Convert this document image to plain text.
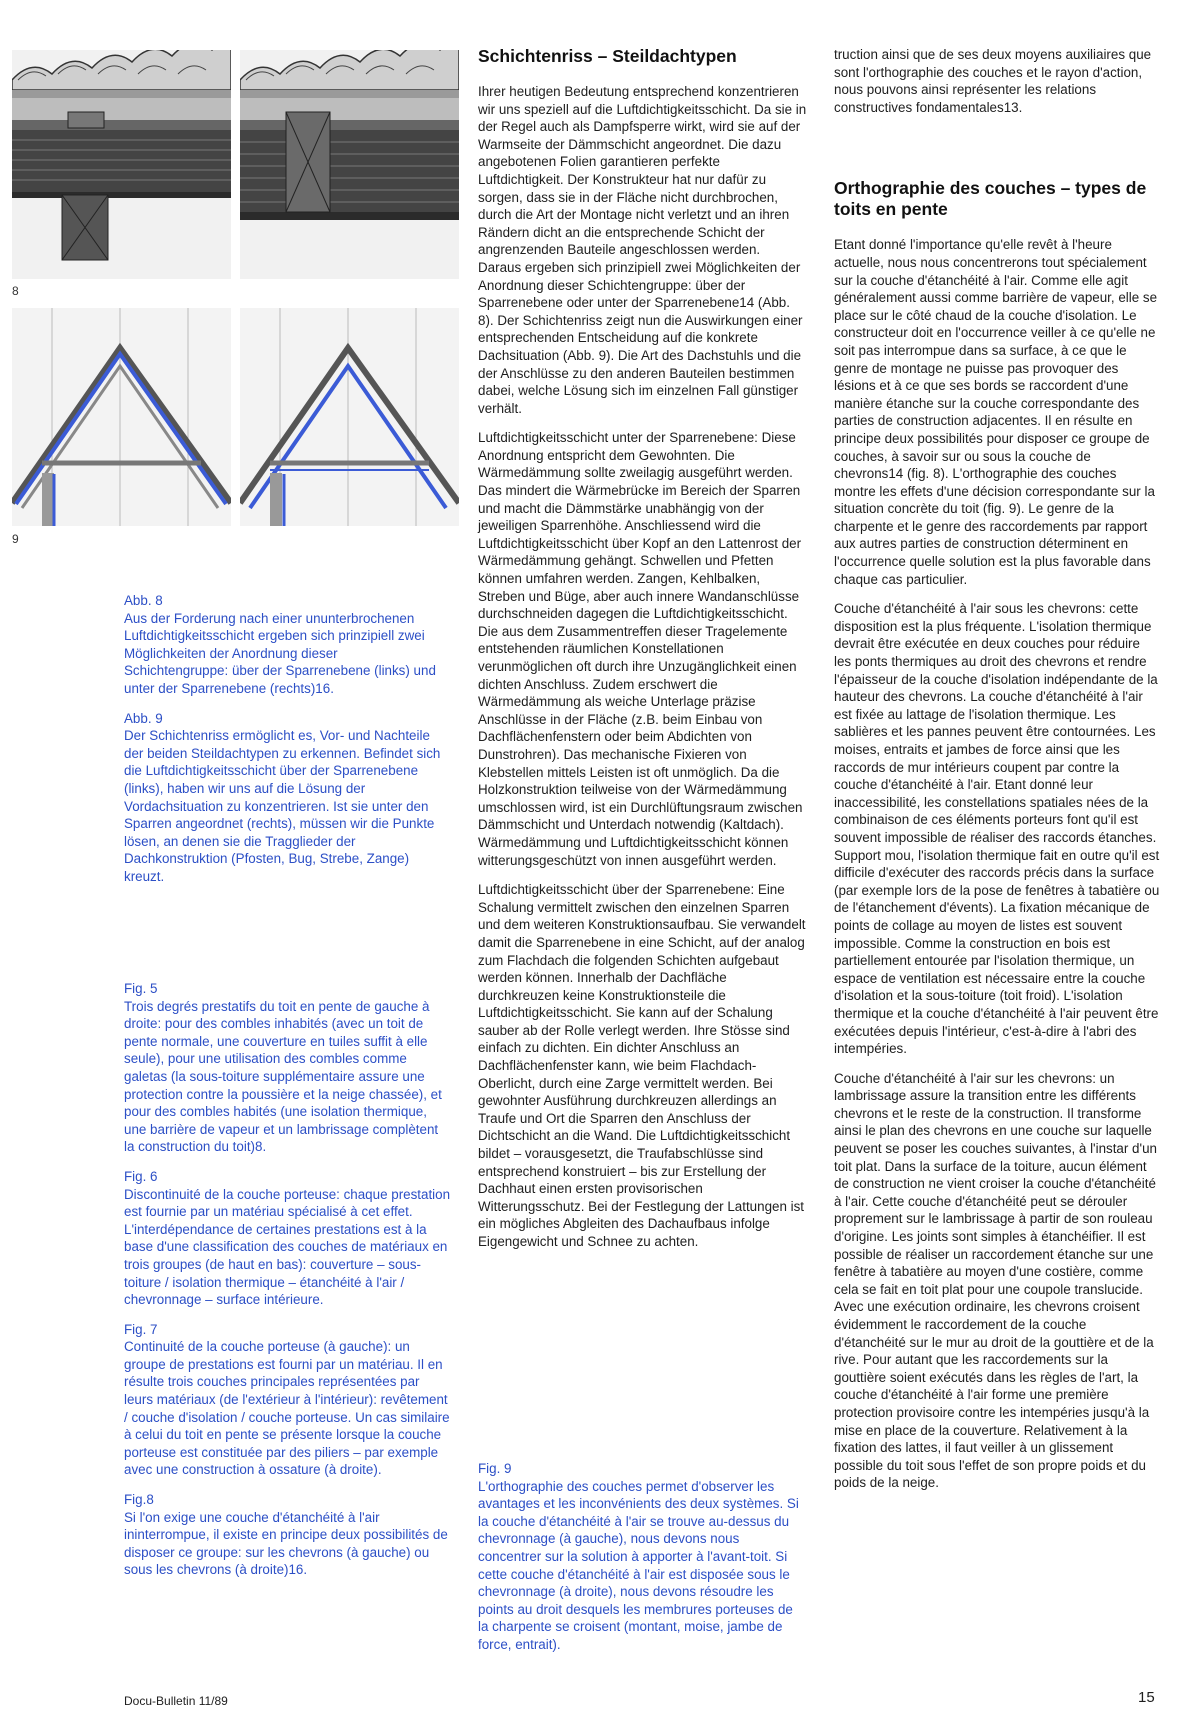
8
9

Abb. 8
Aus der Forderung nach einer ununterbrochenen Luftdichtigkeitsschicht ergeben sich prinzipiell zwei Möglichkeiten der Anordnung dieser Schichtengruppe: über der Sparrenebene (links) und unter der Sparrenebene (rechts)16.

Abb. 9
Der Schichtenriss ermöglicht es, Vor- und Nachteile der beiden Steildachtypen zu erkennen. Befindet sich die Luftdichtigkeitsschicht über der Sparrenebene (links), haben wir uns auf die Lösung der Vordachsituation zu konzentrieren. Ist sie unter den Sparren angeordnet (rechts), müssen wir die Punkte lösen, an denen sie die Tragglieder der Dachkonstruktion (Pfosten, Bug, Strebe, Zange) kreuzt.

Fig. 5
Trois degrés prestatifs du toit en pente de gauche à droite: pour des combles inhabités (avec un toit de pente normale, une couverture en tuiles suffit à elle seule), pour une utilisation des combles comme galetas (la sous-toiture supplémentaire assure une protection contre la poussière et la neige chassée), et pour des combles habités (une isolation thermique, une barrière de vapeur et un lambrissage complètent la construction du toit)8.

Fig. 6
Discontinuité de la couche porteuse: chaque prestation est fournie par un matériau spécialisé à cet effet. L'interdépendance de certaines prestations est à la base d'une classification des couches de matériaux en trois groupes (de haut en bas): couverture – sous-toiture / isolation thermique – étanchéité à l'air / chevronnage – surface intérieure.

Fig. 7
Continuité de la couche porteuse (à gauche): un groupe de prestations est fourni par un matériau. Il en résulte trois couches principales représentées par leurs matériaux (de l'extérieur à l'intérieur): revêtement / couche d'isolation / couche porteuse. Un cas similaire à celui du toit en pente se présente lorsque la couche porteuse est constituée par des piliers – par exemple avec une construction à ossature (à droite).

Fig.8
Si l'on exige une couche d'étanchéité à l'air ininterrompue, il existe en principe deux possibilités de disposer ce groupe: sur les chevrons (à gauche) ou sous les chevrons (à droite)16.

Schichtenriss – Steildachtypen

Ihrer heutigen Bedeutung entsprechend konzentrieren wir uns speziell auf die Luftdichtigkeitsschicht. Da sie in der Regel auch als Dampfsperre wirkt, wird sie auf der Warmseite der Dämmschicht angeordnet. Die dazu angebotenen Folien garantieren perfekte Luftdichtigkeit. Der Konstrukteur hat nur dafür zu sorgen, dass sie in der Fläche nicht durchbrochen, durch die Art der Montage nicht verletzt und an ihren Rändern dicht an die entsprechende Schicht der angrenzenden Bauteile angeschlossen werden. Daraus ergeben sich prinzipiell zwei Möglichkeiten der Anordnung dieser Schichtengruppe: über der Sparrenebene oder unter der Sparrenebene14 (Abb. 8). Der Schichtenriss zeigt nun die Auswirkungen einer entsprechenden Entscheidung auf die konkrete Dachsituation (Abb. 9). Die Art des Dachstuhls und die der Anschlüsse zu den anderen Bauteilen bestimmen dabei, welche Lösung sich im einzelnen Fall günstiger verhält.

Luftdichtigkeitsschicht unter der Sparrenebene: Diese Anordnung entspricht dem Gewohnten. Die Wärmedämmung sollte zweilagig ausgeführt werden. Das mindert die Wärmebrücke im Bereich der Sparren und macht die Dämmstärke unabhängig von der jeweiligen Sparrenhöhe. Anschliessend wird die Luftdichtigkeitsschicht über Kopf an den Lattenrost der Wärmedämmung gehängt. Schwellen und Pfetten können umfahren werden. Zangen, Kehlbalken, Streben und Büge, aber auch innere Wandanschlüsse durchschneiden dagegen die Luftdichtigkeitsschicht. Die aus dem Zusammentreffen dieser Tragelemente entstehenden räumlichen Konstellationen verunmöglichen oft durch ihre Unzugänglichkeit einen dichten Anschluss. Zudem erschwert die Wärmedämmung als weiche Unterlage präzise Anschlüsse in der Fläche (z.B. beim Einbau von Dachflächenfenstern oder beim Abdichten von Dunstrohren). Das mechanische Fixieren von Klebstellen mittels Leisten ist oft unmöglich. Da die Holzkonstruktion teilweise von der Wärmedämmung umschlossen wird, ist ein Durchlüftungsraum zwischen Dämmschicht und Unterdach notwendig (Kaltdach). Wärmedämmung und Luftdichtigkeitsschicht können witterungsgeschützt von innen ausgeführt werden.

Luftdichtigkeitsschicht über der Sparrenebene: Eine Schalung vermittelt zwischen den einzelnen Sparren und dem weiteren Konstruktionsaufbau. Sie verwandelt damit die Sparrenebene in eine Schicht, auf der analog zum Flachdach die folgenden Schichten aufgebaut werden können. Innerhalb der Dachfläche durchkreuzen keine Konstruktionsteile die Luftdichtigkeitsschicht. Sie kann auf der Schalung sauber ab der Rolle verlegt werden. Ihre Stösse sind einfach zu dichten. Ein dichter Anschluss an Dachflächenfenster kann, wie beim Flachdach-Oberlicht, durch eine Zarge vermittelt werden. Bei gewohnter Ausführung durchkreuzen allerdings an Traufe und Ort die Sparren den Anschluss der Dichtschicht an die Wand. Die Luftdichtigkeitsschicht bildet – vorausgesetzt, die Traufabschlüsse sind entsprechend konstruiert – bis zur Erstellung der Dachhaut einen ersten provisorischen Witterungsschutz. Bei der Festlegung der Lattungen ist ein mögliches Abgleiten des Dachaufbaus infolge Eigengewicht und Schnee zu achten.

Fig. 9
L'orthographie des couches permet d'observer les avantages et les inconvénients des deux systèmes. Si la couche d'étanchéité à l'air se trouve au-dessus du chevronnage (à gauche), nous devons nous concentrer sur la solution à apporter à l'avant-toit. Si cette couche d'étanchéité à l'air est disposée sous le chevronnage (à droite), nous devons résoudre les points au droit desquels les membrures porteuses de la charpente se croisent (montant, moise, jambe de force, entrait).

truction ainsi que de ses deux moyens auxiliaires que sont l'orthographie des couches et le rayon d'action, nous pouvons ainsi représenter les relations constructives fondamentales13.

Orthographie des couches – types de toits en pente

Etant donné l'importance qu'elle revêt à l'heure actuelle, nous nous concentrerons tout spécialement sur la couche d'étanchéité à l'air. Comme elle agit généralement aussi comme barrière de vapeur, elle se place sur le côté chaud de la couche d'isolation. Le constructeur doit en l'occurrence veiller à ce qu'elle ne soit pas interrompue dans sa surface, à ce que le genre de montage ne puisse pas provoquer des lésions et à ce que ses bords se raccordent d'une manière étanche sur la couche correspondante des parties de construction adjacentes. Il en résulte en principe deux possibilités pour disposer ce groupe de couches, à savoir sur ou sous la couche de chevrons14 (fig. 8). L'orthographie des couches montre les effets d'une décision correspondante sur la situation concrète du toit (fig. 9). Le genre de la charpente et le genre des raccordements par rapport aux autres parties de construction déterminent en l'occurrence quelle solution est la plus favorable dans chaque cas particulier.

Couche d'étanchéité à l'air sous les chevrons: cette disposition est la plus fréquente. L'isolation thermique devrait être exécutée en deux couches pour réduire les ponts thermiques au droit des chevrons et rendre l'épaisseur de la couche d'isolation indépendante de la hauteur des chevrons. La couche d'étanchéité à l'air est fixée au lattage de l'isolation thermique. Les sablières et les pannes peuvent être contournées. Les moises, entraits et jambes de force ainsi que les raccords de mur intérieurs coupent par contre la couche d'étanchéité à l'air. Etant donné leur inaccessibilité, les constellations spatiales nées de la combinaison de ces éléments porteurs font qu'il est souvent impossible de réaliser des raccords étanches. Support mou, l'isolation thermique fait en outre qu'il est difficile d'exécuter des raccords précis dans la surface (par exemple lors de la pose de fenêtres à tabatière ou de l'étanchement d'évents). La fixation mécanique de points de collage au moyen de listes est souvent impossible. Comme la construction en bois est partiellement entourée par l'isolation thermique, un espace de ventilation est nécessaire entre la couche d'isolation et la sous-toiture (toit froid). L'isolation thermique et la couche d'étanchéité à l'air peuvent être exécutées depuis l'intérieur, c'est-à-dire à l'abri des intempéries.

Couche d'étanchéité à l'air sur les chevrons: un lambrissage assure la transition entre les différents chevrons et le reste de la construction. Il transforme ainsi le plan des chevrons en une couche sur laquelle peuvent se poser les couches suivantes, à l'instar d'un toit plat. Dans la surface de la toiture, aucun élément de construction ne vient croiser la couche d'étanchéité à l'air. Cette couche d'étanchéité peut se dérouler proprement sur le lambrissage à partir de son rouleau d'origine. Les joints sont simples à étanchéifier. Il est possible de réaliser un raccordement étanche sur une fenêtre à tabatière au moyen d'une costière, comme cela se fait en toit plat pour une coupole translucide. Avec une exécution ordinaire, les chevrons croisent évidemment le raccordement de la couche d'étanchéité sur le mur au droit de la gouttière et de la rive. Pour autant que les raccordements sur la gouttière soient exécutés dans les règles de l'art, la couche d'étanchéité à l'air forme une première protection provisoire contre les intempéries jusqu'à la mise en place de la couverture. Relativement à la fixation des lattes, il faut veiller à un glissement possible du toit sous l'effet de son propre poids et du poids de la neige.

Docu-Bulletin 11/89	15
